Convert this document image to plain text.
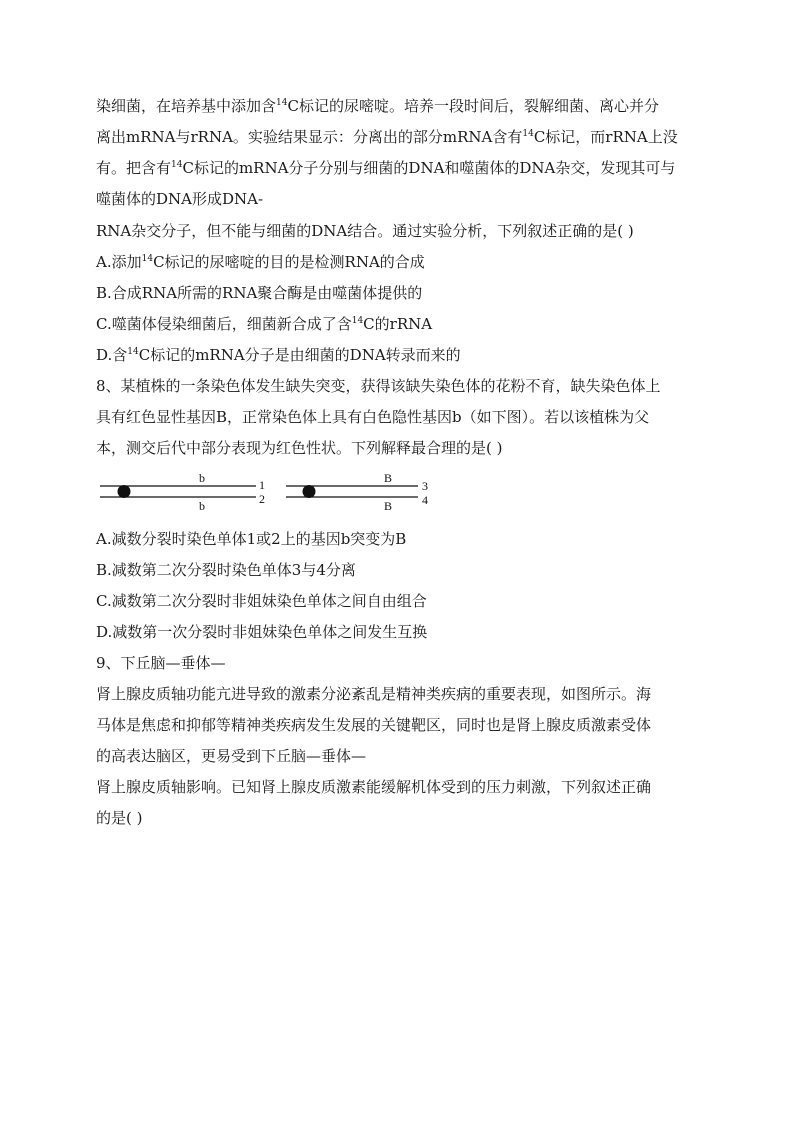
染细菌，在培养基中添加含$^{14}$C标记的尿嘧啶。培养一段时间后，裂解细菌、离心并分
离出mRNA与rRNA。实验结果显示：分离出的部分mRNA含有$^{14}$C标记，而rRNA上没
有。把含有$^{14}$C标记的mRNA分子分别与细菌的DNA和噬菌体的DNA杂交，发现其可与
噬菌体的DNA形成DNA-
RNA杂交分子，但不能与细菌的DNA结合。通过实验分析，下列叙述正确的是( )
A.添加$^{14}$C标记的尿嘧啶的目的是检测RNA的合成
B.合成RNA所需的RNA聚合酶是由噬菌体提供的
C.噬菌体侵染细菌后，细菌新合成了含$^{14}$C的rRNA
D.含$^{14}$C标记的mRNA分子是由细菌的DNA转录而来的
8、某植株的一条染色体发生缺失突变，获得该缺失染色体的花粉不育，缺失染色体上
具有红色显性基因B，正常染色体上具有白色隐性基因b（如下图）。若以该植株为父
本，测交后代中部分表现为红色性状。下列解释最合理的是( )
b
b
1
2
B
B
3
4
A.减数分裂时染色单体1或2上的基因b突变为B
B.减数第二次分裂时染色单体3与4分离
C.减数第二次分裂时非姐妹染色单体之间自由组合
D.减数第一次分裂时非姐妹染色单体之间发生互换
9、下丘脑—垂体—
肾上腺皮质轴功能亢进导致的激素分泌紊乱是精神类疾病的重要表现，如图所示。海
马体是焦虑和抑郁等精神类疾病发生发展的关键靶区，同时也是肾上腺皮质激素受体
的高表达脑区，更易受到下丘脑—垂体—
肾上腺皮质轴影响。已知肾上腺皮质激素能缓解机体受到的压力刺激，下列叙述正确
的是( )
